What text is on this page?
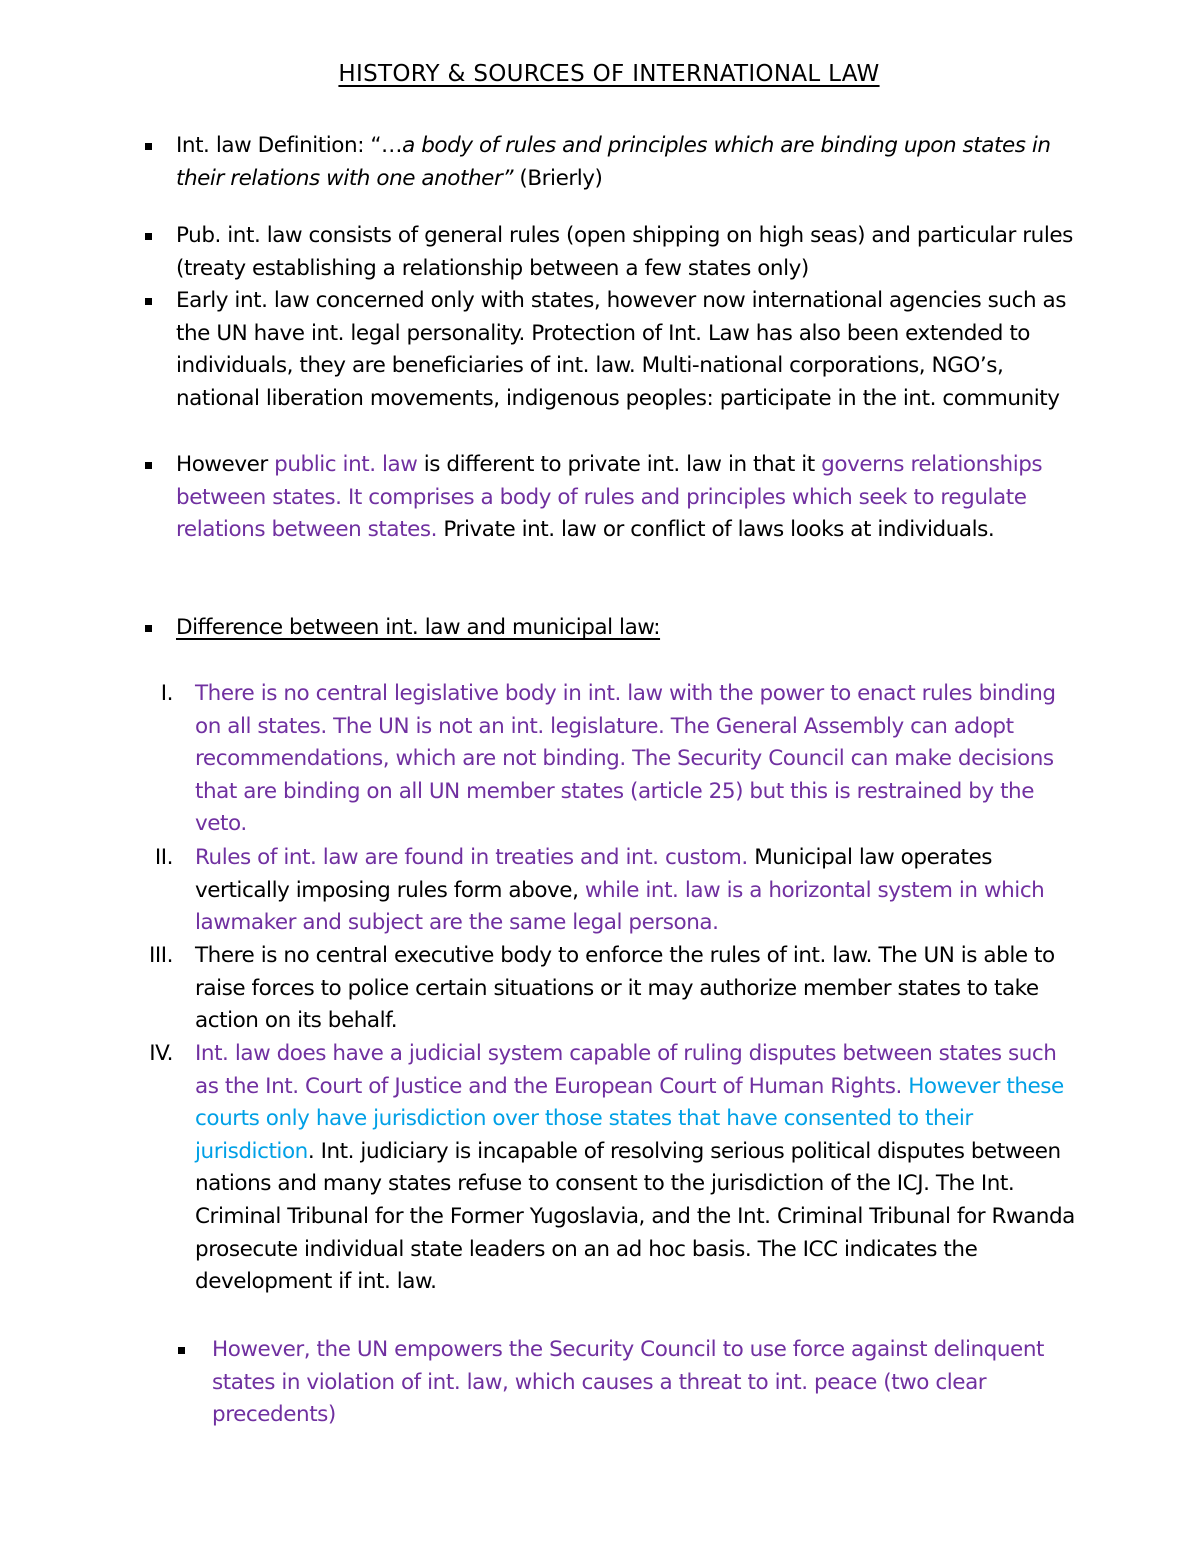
HISTORY & SOURCES OF INTERNATIONAL LAW

Int. law Definition: “…a body of rules and principles which are binding upon states in their relations with one another” (Brierly)

Pub. int. law consists of general rules (open shipping on high seas) and particular rules (treaty establishing a relationship between a few states only)

Early int. law concerned only with states, however now international agencies such as the UN have int. legal personality. Protection of Int. Law has also been extended to individuals, they are beneficiaries of int. law. Multi-national corporations, NGO’s, national liberation movements, indigenous peoples: participate in the int. community

However public int. law is different to private int. law in that it governs relationships between states. It comprises a body of rules and principles which seek to regulate relations between states. Private int. law or conflict of laws looks at individuals.

Difference between int. law and municipal law:

I. There is no central legislative body in int. law with the power to enact rules binding on all states. The UN is not an int. legislature. The General Assembly can adopt recommendations, which are not binding. The Security Council can make decisions that are binding on all UN member states (article 25) but this is restrained by the veto.
II. Rules of int. law are found in treaties and int. custom. Municipal law operates vertically imposing rules form above, while int. law is a horizontal system in which lawmaker and subject are the same legal persona.
III. There is no central executive body to enforce the rules of int. law. The UN is able to raise forces to police certain situations or it may authorize member states to take action on its behalf.
IV. Int. law does have a judicial system capable of ruling disputes between states such as the Int. Court of Justice and the European Court of Human Rights. However these courts only have jurisdiction over those states that have consented to their jurisdiction. Int. judiciary is incapable of resolving serious political disputes between nations and many states refuse to consent to the jurisdiction of the ICJ. The Int. Criminal Tribunal for the Former Yugoslavia, and the Int. Criminal Tribunal for Rwanda prosecute individual state leaders on an ad hoc basis. The ICC indicates the development if int. law.

However, the UN empowers the Security Council to use force against delinquent states in violation of int. law, which causes a threat to int. peace (two clear precedents)
